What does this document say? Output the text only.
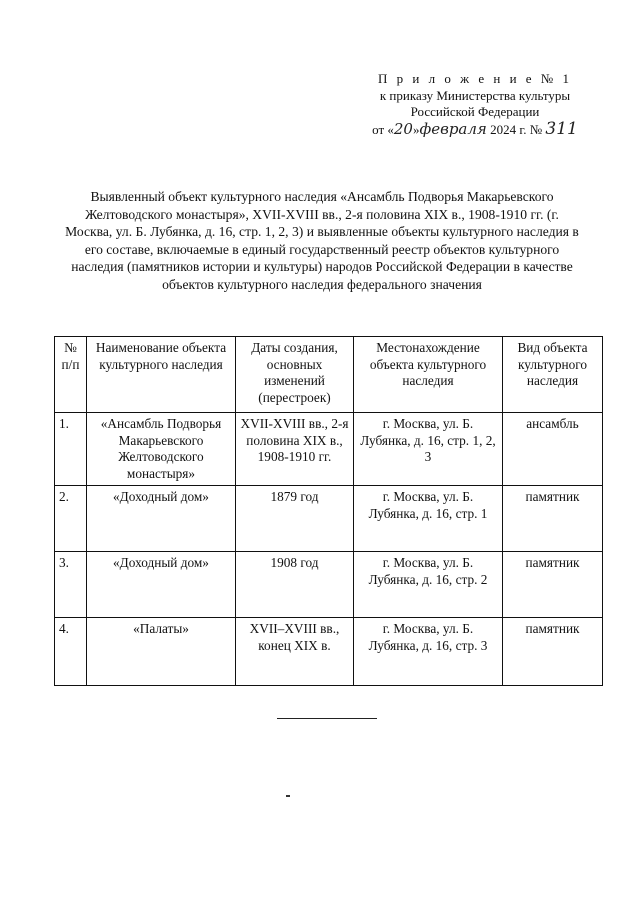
П р и л о ж е н и е № 1
к приказу Министерства культуры
Российской Федерации
от «20»февраля 2024 г. № 311
Выявленный объект культурного наследия «Ансамбль Подворья Макарьевского Желтоводского монастыря», XVII-XVIII вв., 2-я половина XIX в., 1908-1910 гг. (г. Москва, ул. Б. Лубянка, д. 16, стр. 1, 2, 3) и выявленные объекты культурного наследия в его составе, включаемые в единый государственный реестр объектов культурного наследия (памятников истории и культуры) народов Российской Федерации в качестве объектов культурного наследия федерального значения
№ п/п	Наименование объекта культурного наследия	Даты создания, основных изменений (перестроек)	Местонахождение объекта культурного наследия	Вид объекта культурного наследия
1.	«Ансамбль Подворья Макарьевского Желтоводского монастыря»	XVII-XVIII вв., 2-я половина XIX в., 1908-1910 гг.	г. Москва, ул. Б. Лубянка, д. 16, стр. 1, 2, 3	ансамбль
2.	«Доходный дом»	1879 год	г. Москва, ул. Б. Лубянка, д. 16, стр. 1	памятник
3.	«Доходный дом»	1908 год	г. Москва, ул. Б. Лубянка, д. 16, стр. 2	памятник
4.	«Палаты»	XVII–XVIII вв., конец XIX в.	г. Москва, ул. Б. Лубянка, д. 16, стр. 3	памятник
